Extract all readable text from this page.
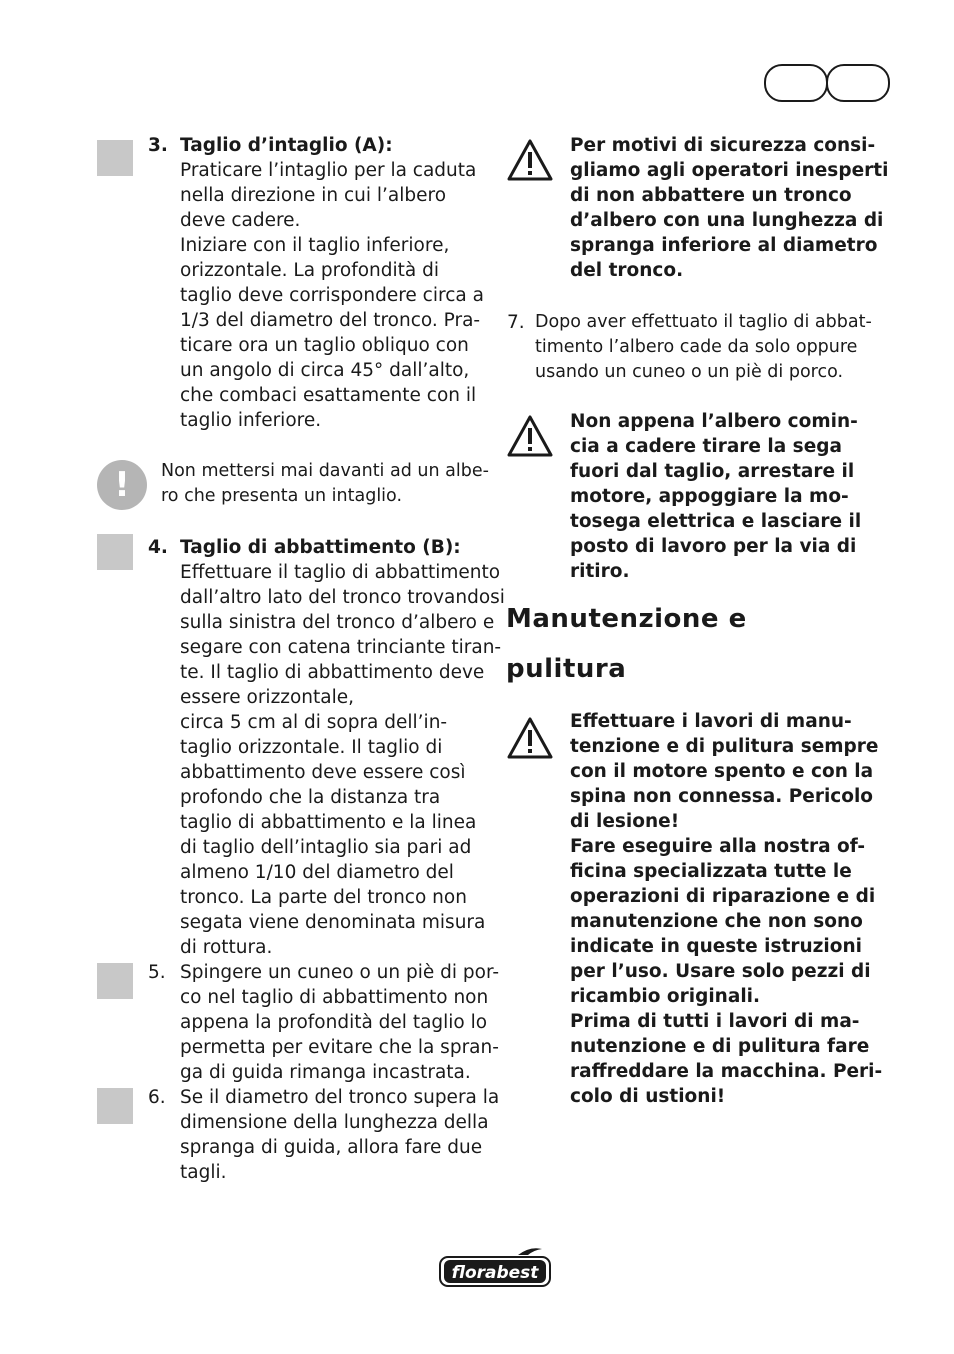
3. Taglio d’intaglio (A):
Praticare l’intaglio per la caduta
nella direzione in cui l’albero
deve cadere.
Iniziare con il taglio inferiore,
orizzontale. La profondità di
taglio deve corrispondere circa a
1/3 del diametro del tronco. Pra-
ticare ora un taglio obliquo con
un angolo di circa 45° dall’alto,
che combaci esattamente con il
taglio inferiore.
!	Non mettersi mai davanti ad un albe-
ro che presenta un intaglio.
4. Taglio di abbattimento (B):
Effettuare il taglio di abbattimento
dall’altro lato del tronco trovandosi
sulla sinistra del tronco d’albero e
segare con catena trinciante tiran-
te. Il taglio di abbattimento deve
essere orizzontale,
circa 5 cm al di sopra dell’in-
taglio orizzontale. Il taglio di
abbattimento deve essere così
profondo che la distanza tra
taglio di abbattimento e la linea
di taglio dell’intaglio sia pari ad
almeno 1/10 del diametro del
tronco. La parte del tronco non
segata viene denominata misura
di rottura.
5. Spingere un cuneo o un piè di por-
co nel taglio di abbattimento non
appena la profondità del taglio lo
permetta per evitare che la spran-
ga di guida rimanga incastrata.
6. Se il diametro del tronco supera la
dimensione della lunghezza della
spranga di guida, allora fare due
tagli.
Per motivi di sicurezza consi-
gliamo agli operatori inesperti
di non abbattere un tronco
d’albero con una lunghezza di
spranga inferiore al diametro
del tronco.
7. Dopo aver effettuato il taglio di abbat-
timento l’albero cade da solo oppure
usando un cuneo o un piè di porco.
Non appena l’albero comin-
cia a cadere tirare la sega
fuori dal taglio, arrestare il
motore, appoggiare la mo-
tosega elettrica e lasciare il
posto di lavoro per la via di
ritiro.
Manutenzione e
pulitura
Effettuare i lavori di manu-
tenzione e di pulitura sempre
con il motore spento e con la
spina non connessa. Pericolo
di lesione!
Fare eseguire alla nostra of-
ficina specializzata tutte le
operazioni di riparazione e di
manutenzione che non sono
indicate in queste istruzioni
per l’uso. Usare solo pezzi di
ricambio originali.
Prima di tutti i lavori di ma-
nutenzione e di pulitura fare
raffreddare la macchina. Peri-
colo di ustioni!
florabest
